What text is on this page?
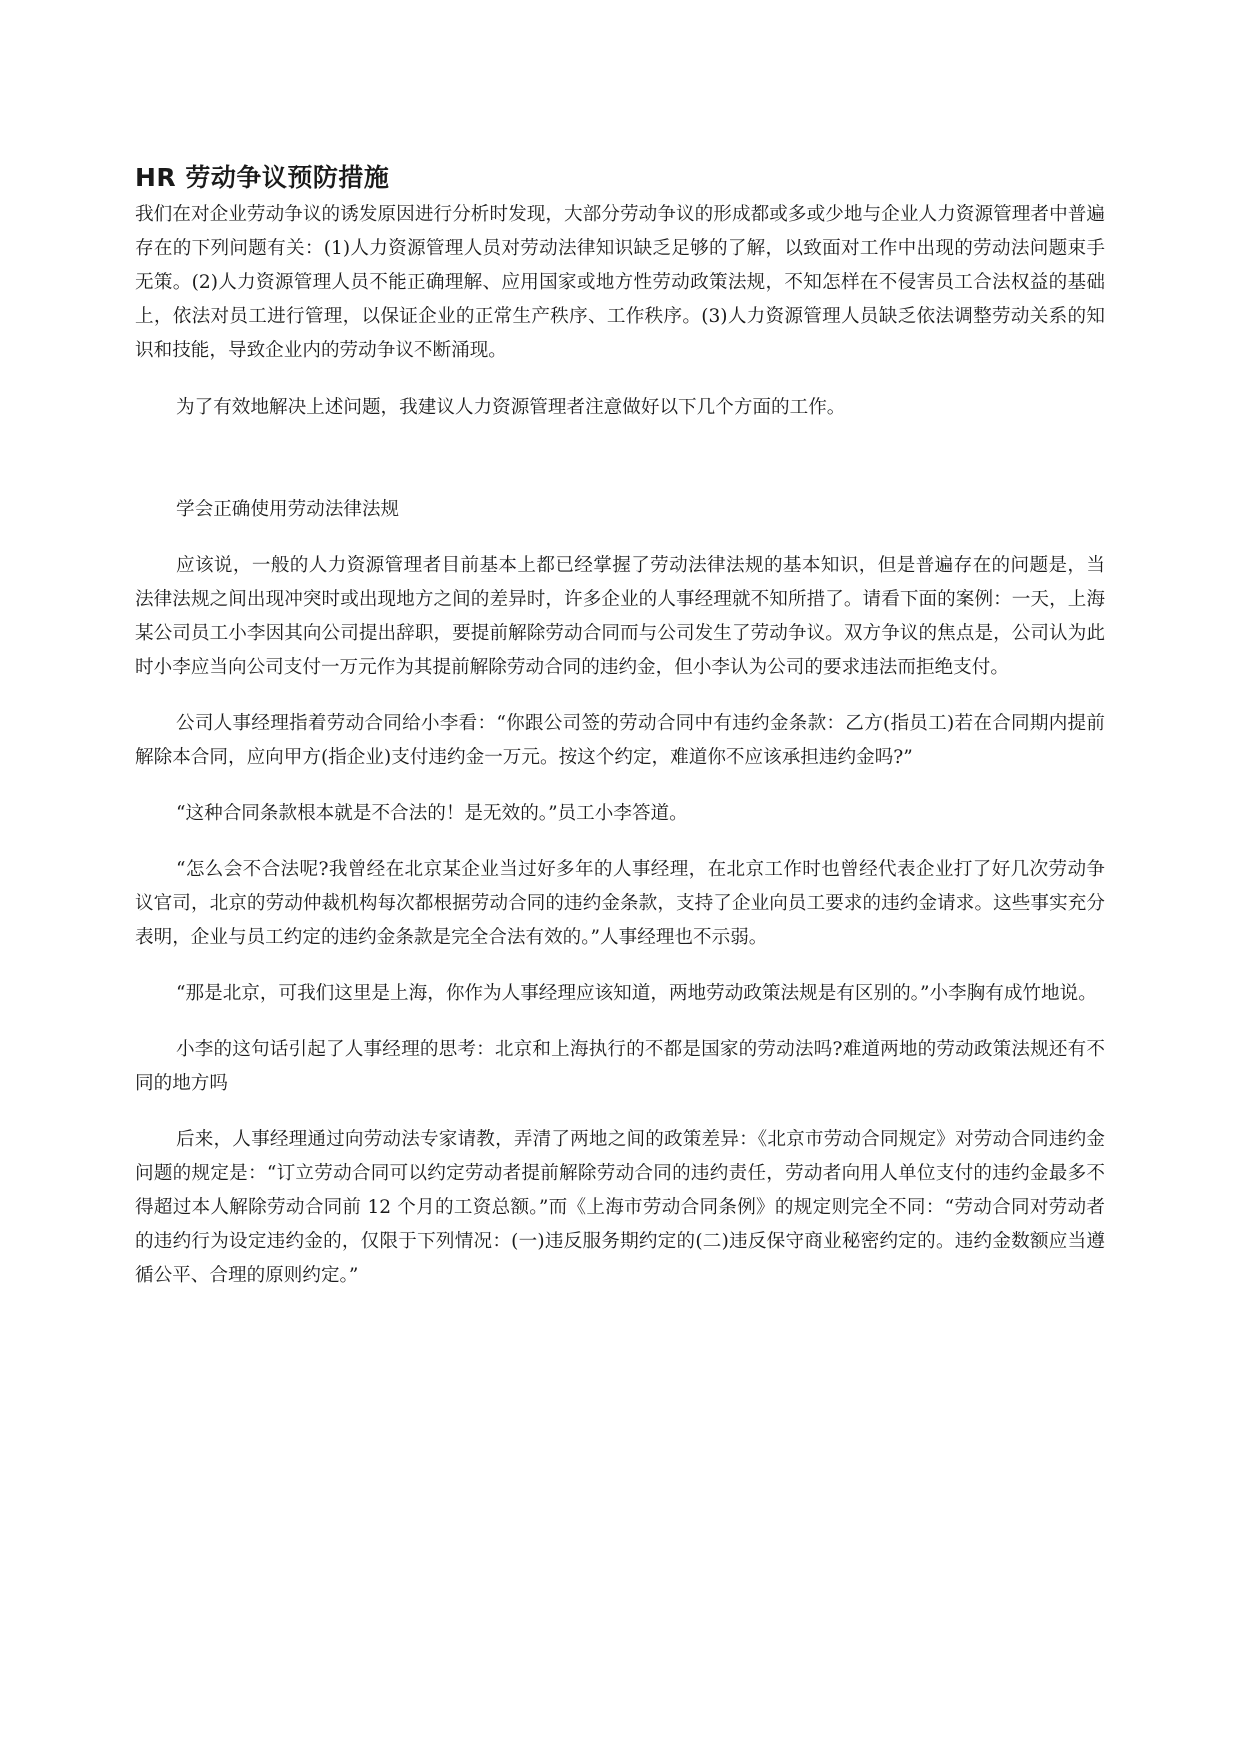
HR 劳动争议预防措施

我们在对企业劳动争议的诱发原因进行分析时发现，大部分劳动争议的形成都或多或少地与企业人力资源管理者中普遍存在的下列问题有关：(1)人力资源管理人员对劳动法律知识缺乏足够的了解，以致面对工作中出现的劳动法问题束手无策。(2)人力资源管理人员不能正确理解、应用国家或地方性劳动政策法规，不知怎样在不侵害员工合法权益的基础上，依法对员工进行管理，以保证企业的正常生产秩序、工作秩序。(3)人力资源管理人员缺乏依法调整劳动关系的知识和技能，导致企业内的劳动争议不断涌现。

为了有效地解决上述问题，我建议人力资源管理者注意做好以下几个方面的工作。

学会正确使用劳动法律法规

应该说，一般的人力资源管理者目前基本上都已经掌握了劳动法律法规的基本知识，但是普遍存在的问题是，当法律法规之间出现冲突时或出现地方之间的差异时，许多企业的人事经理就不知所措了。请看下面的案例：一天，上海某公司员工小李因其向公司提出辞职，要提前解除劳动合同而与公司发生了劳动争议。双方争议的焦点是，公司认为此时小李应当向公司支付一万元作为其提前解除劳动合同的违约金，但小李认为公司的要求违法而拒绝支付。

公司人事经理指着劳动合同给小李看：“你跟公司签的劳动合同中有违约金条款：乙方(指员工)若在合同期内提前解除本合同，应向甲方(指企业)支付违约金一万元。按这个约定，难道你不应该承担违约金吗?”

“这种合同条款根本就是不合法的！是无效的。”员工小李答道。

“怎么会不合法呢?我曾经在北京某企业当过好多年的人事经理，在北京工作时也曾经代表企业打了好几次劳动争议官司，北京的劳动仲裁机构每次都根据劳动合同的违约金条款，支持了企业向员工要求的违约金请求。这些事实充分表明，企业与员工约定的违约金条款是完全合法有效的。”人事经理也不示弱。

“那是北京，可我们这里是上海，你作为人事经理应该知道，两地劳动政策法规是有区别的。”小李胸有成竹地说。

小李的这句话引起了人事经理的思考：北京和上海执行的不都是国家的劳动法吗?难道两地的劳动政策法规还有不同的地方吗

后来，人事经理通过向劳动法专家请教，弄清了两地之间的政策差异：《北京市劳动合同规定》对劳动合同违约金问题的规定是：“订立劳动合同可以约定劳动者提前解除劳动合同的违约责任，劳动者向用人单位支付的违约金最多不得超过本人解除劳动合同前 12 个月的工资总额。”而《上海市劳动合同条例》的规定则完全不同：“劳动合同对劳动者的违约行为设定违约金的，仅限于下列情况：(一)违反服务期约定的(二)违反保守商业秘密约定的。违约金数额应当遵循公平、合理的原则约定。”
